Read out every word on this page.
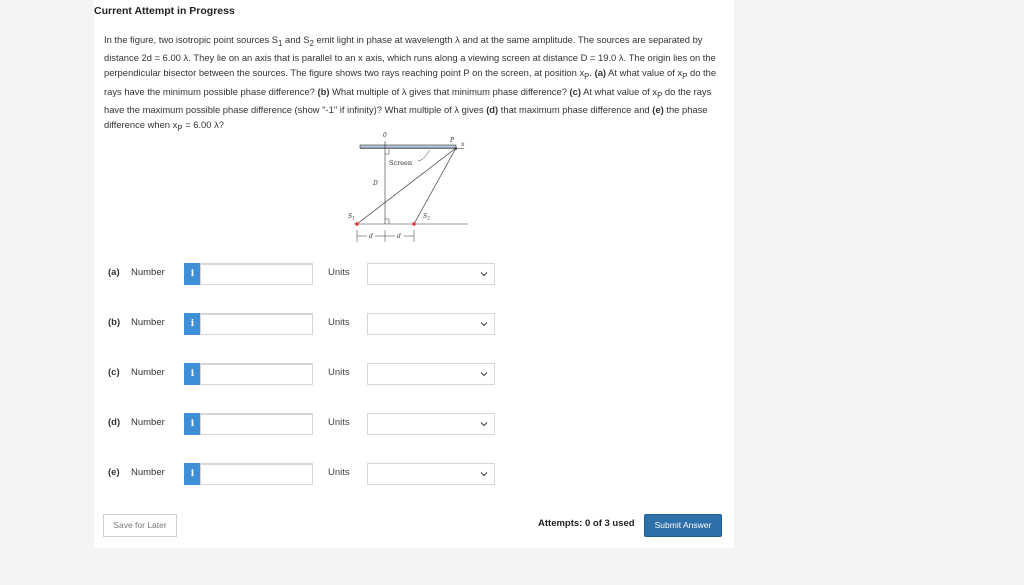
Current Attempt in Progress

In the figure, two isotropic point sources $S_1$ and $S_2$ emit light in phase at wavelength λ and at the same amplitude. The sources are separated by distance 2d = 6.00 λ. They lie on an axis that is parallel to an x axis, which runs along a viewing screen at distance D = 19.0 λ. The origin lies on the perpendicular bisector between the sources. The figure shows two rays reaching point P on the screen, at position $x_P$. (a) At what value of $x_P$ do the rays have the minimum possible phase difference? (b) What multiple of λ gives that minimum phase difference? (c) At what value of $x_P$ do the rays have the maximum possible phase difference (show "-1" if infinity)? What multiple of λ gives (d) that maximum phase difference and (e) the phase difference when $x_P = 6.00$ λ?

0
P
x
Screen
D
$S_1$	$S_2$
d	d
(a) Number	i	Units
(b) Number	i	Units
(c) Number	i	Units
(d) Number	i	Units
(e) Number	i	Units
Save for Later	Attempts: 0 of 3 used	Submit Answer
